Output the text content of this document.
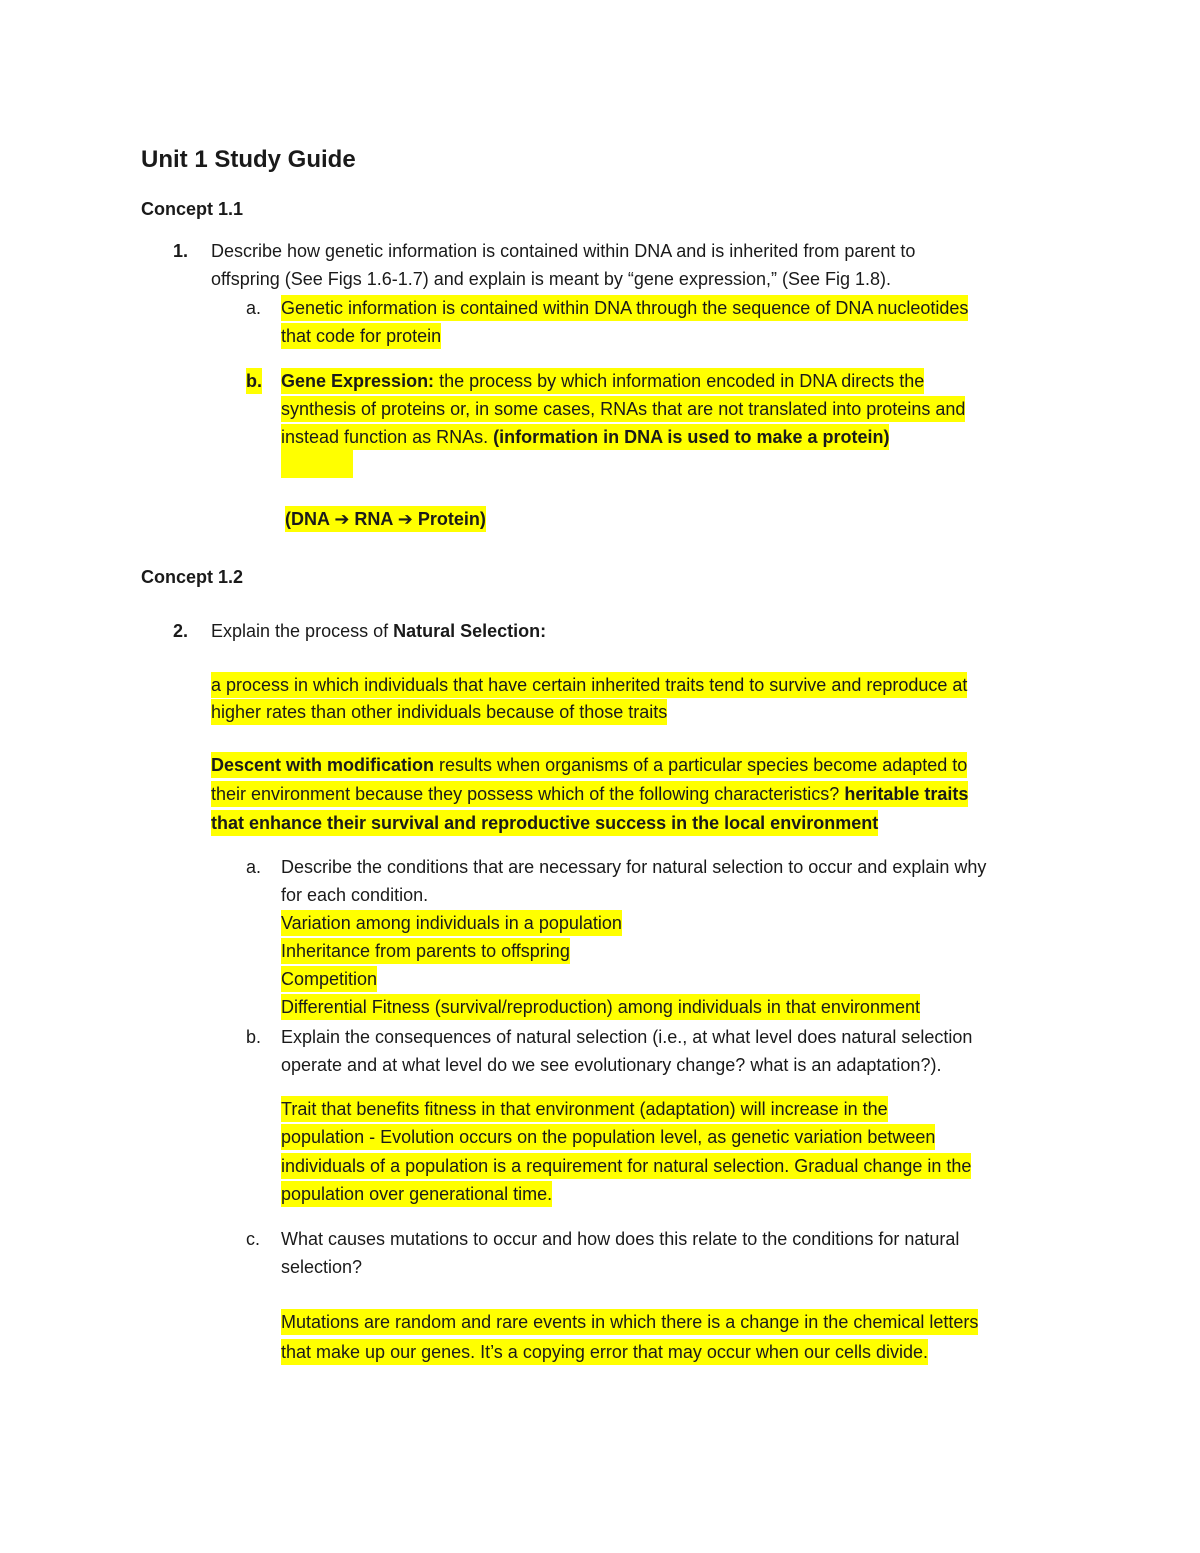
Unit 1 Study Guide
Concept 1.1
1. Describe how genetic information is contained within DNA and is inherited from parent to
offspring (See Figs 1.6-1.7) and explain is meant by “gene expression,” (See Fig 1.8).
a. Genetic information is contained within DNA through the sequence of DNA nucleotides
that code for protein
b. Gene Expression: the process by which information encoded in DNA directs the
synthesis of proteins or, in some cases, RNAs that are not translated into proteins and
instead function as RNAs. (information in DNA is used to make a protein)
(DNA ➔ RNA ➔ Protein)
Concept 1.2
2. Explain the process of Natural Selection:
a process in which individuals that have certain inherited traits tend to survive and reproduce at
higher rates than other individuals because of those traits
Descent with modification results when organisms of a particular species become adapted to
their environment because they possess which of the following characteristics? heritable traits
that enhance their survival and reproductive success in the local environment
a. Describe the conditions that are necessary for natural selection to occur and explain why
for each condition.
Variation among individuals in a population
Inheritance from parents to offspring
Competition
Differential Fitness (survival/reproduction) among individuals in that environment
b. Explain the consequences of natural selection (i.e., at what level does natural selection
operate and at what level do we see evolutionary change? what is an adaptation?).
Trait that benefits fitness in that environment (adaptation) will increase in the
population - Evolution occurs on the population level, as genetic variation between
individuals of a population is a requirement for natural selection. Gradual change in the
population over generational time.
c. What causes mutations to occur and how does this relate to the conditions for natural
selection?
Mutations are random and rare events in which there is a change in the chemical letters
that make up our genes. It’s a copying error that may occur when our cells divide.
